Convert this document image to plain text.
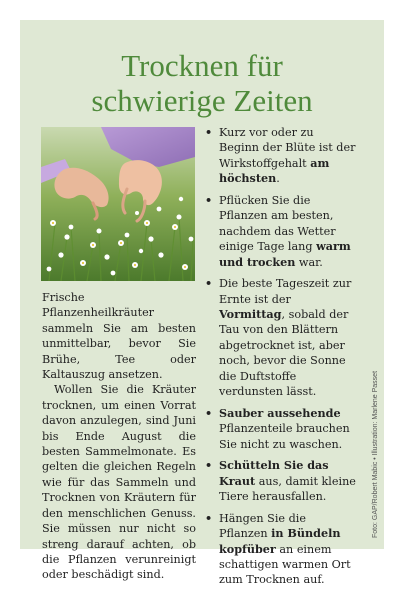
Trocknen für
schwierige Zeiten

Frische Pflanzenheilkräuter sammeln Sie am besten unmittelbar, bevor Sie Brühe, Tee oder Kaltauszug ansetzen.

Wollen Sie die Kräuter trocknen, um einen Vorrat davon anzulegen, sind Juni bis Ende August die besten Sammelmonate. Es gelten die gleichen Regeln wie für das Sammeln und Trocknen von Kräutern für den menschlichen Genuss. Sie müssen nur nicht so streng darauf achten, ob die Pflanzen verunreinigt oder beschädigt sind.

• Kurz vor oder zu Beginn der Blüte ist der Wirkstoffgehalt am höchsten.
• Pflücken Sie die Pflanzen am besten, nachdem das Wetter einige Tage lang warm und trocken war.
• Die beste Tageszeit zur Ernte ist der Vormittag, sobald der Tau von den Blättern abgetrocknet ist, aber noch, bevor die Sonne die Duftstoffe verdunsten lässt.
• Sauber aussehende Pflanzenteile brauchen Sie nicht zu waschen.
• Schütteln Sie das Kraut aus, damit kleine Tiere herausfallen.
• Hängen Sie die Pflanzen in Bündeln kopfüber an einem schattigen warmen Ort zum Trocknen auf.
Foto: GAP/Robert Mabic • Illustration: Marlene Passet
